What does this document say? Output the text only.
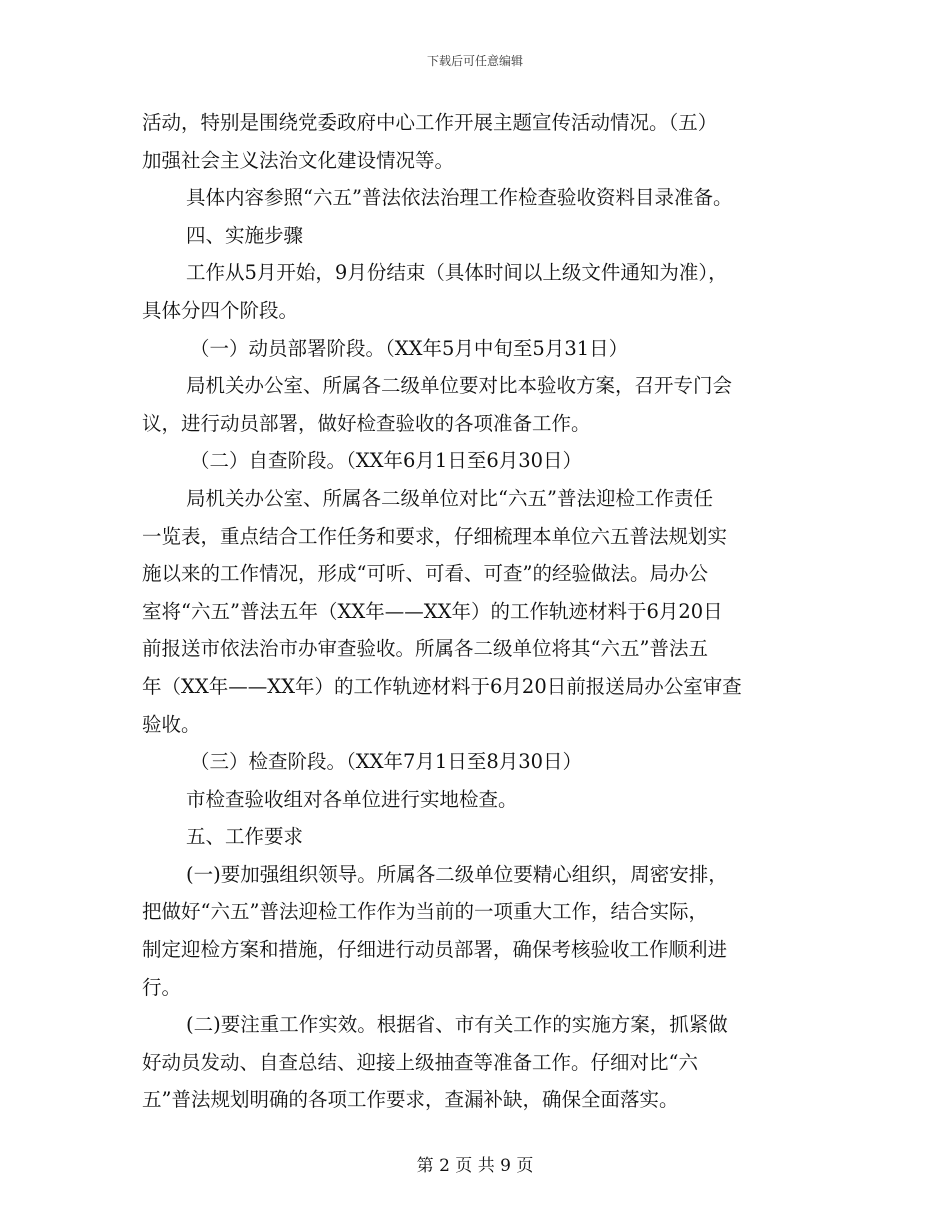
下载后可任意编辑
活动，特别是围绕党委政府中心工作开展主题宣传活动情况。（五）
加强社会主义法治文化建设情况等。
具体内容参照“六五”普法依法治理工作检查验收资料目录准备。
四、实施步骤
工作从5月开始，9月份结束（具体时间以上级文件通知为准），
具体分四个阶段。
（一）动员部署阶段。（XX年5月中旬至5月31日）
局机关办公室、所属各二级单位要对比本验收方案，召开专门会
议，进行动员部署，做好检查验收的各项准备工作。
（二）自查阶段。（XX年6月1日至6月30日）
局机关办公室、所属各二级单位对比“六五”普法迎检工作责任
一览表，重点结合工作任务和要求，仔细梳理本单位六五普法规划实
施以来的工作情况，形成“可听、可看、可查”的经验做法。局办公
室将“六五”普法五年（XX年——XX年）的工作轨迹材料于6月20日
前报送市依法治市办审查验收。所属各二级单位将其“六五”普法五
年（XX年——XX年）的工作轨迹材料于6月20日前报送局办公室审查
验收。
（三）检查阶段。（XX年7月1日至8月30日）
市检查验收组对各单位进行实地检查。
五、工作要求
(一)要加强组织领导。所属各二级单位要精心组织，周密安排，
把做好“六五”普法迎检工作作为当前的一项重大工作，结合实际，
制定迎检方案和措施，仔细进行动员部署，确保考核验收工作顺利进
行。
(二)要注重工作实效。根据省、市有关工作的实施方案，抓紧做
好动员发动、自查总结、迎接上级抽查等准备工作。仔细对比“六
五”普法规划明确的各项工作要求，查漏补缺，确保全面落实。
第 2 页 共 9 页
